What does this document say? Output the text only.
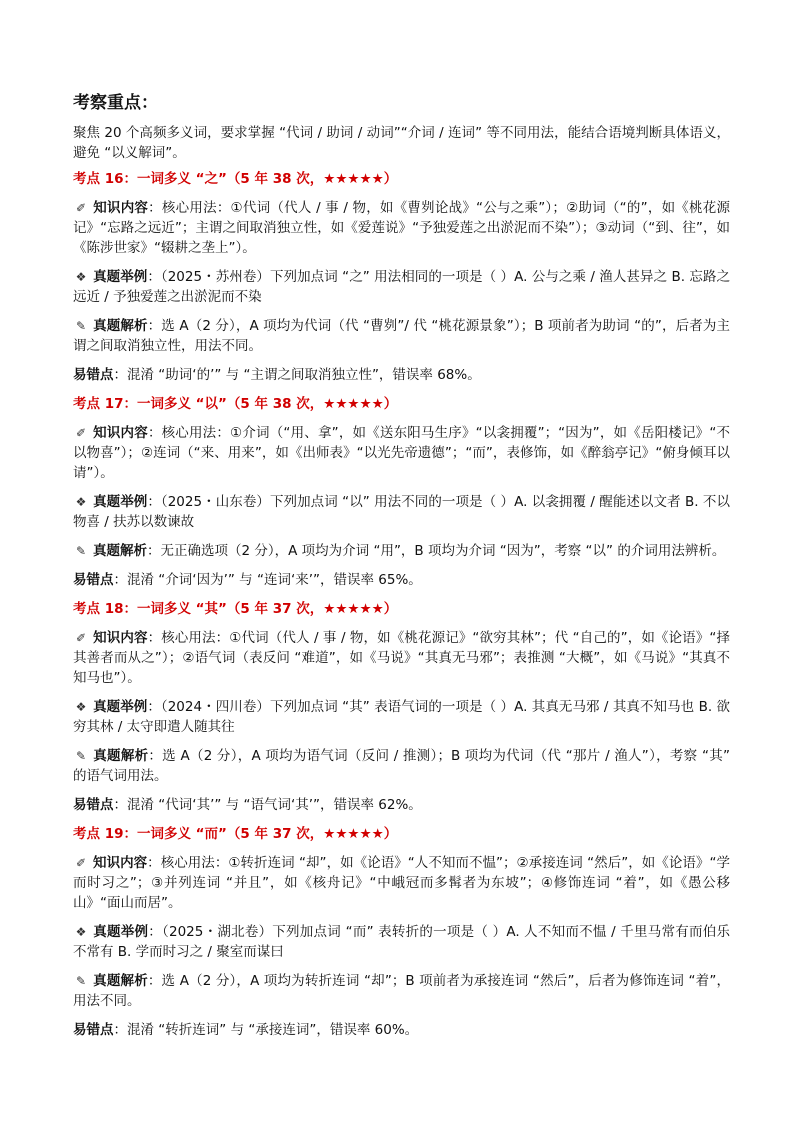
考察重点：

聚焦 20 个高频多义词，要求掌握 “代词 / 助词 / 动词”“介词 / 连词” 等不同用法，能结合语境判断具体语义，避免 “以义解词”。

考点 16：一词多义 “之”（5 年 38 次，★★★★★）

✐ 知识内容：核心用法：①代词（代人 / 事 / 物，如《曹刿论战》“公与之乘”）；②助词（“的”，如《桃花源记》“忘路之远近”；主谓之间取消独立性，如《爱莲说》“予独爱莲之出淤泥而不染”）；③动词（“到、往”，如《陈涉世家》“辍耕之垄上”）。

❖ 真题举例：（2025・苏州卷）下列加点词 “之” 用法相同的一项是（ ）A. 公与之乘 / 渔人甚异之 B. 忘路之远近 / 予独爱莲之出淤泥而不染

✎ 真题解析：选 A（2 分），A 项均为代词（代 “曹刿”/ 代 “桃花源景象”）；B 项前者为助词 “的”，后者为主谓之间取消独立性，用法不同。

易错点：混淆 “助词‘的’” 与 “主谓之间取消独立性”，错误率 68%。

考点 17：一词多义 “以”（5 年 38 次，★★★★★）

✐ 知识内容：核心用法：①介词（“用、拿”，如《送东阳马生序》“以衾拥覆”；“因为”，如《岳阳楼记》“不以物喜”）；②连词（“来、用来”，如《出师表》“以光先帝遗德”；“而”，表修饰，如《醉翁亭记》“俯身倾耳以请”）。

❖ 真题举例：（2025・山东卷）下列加点词 “以” 用法不同的一项是（ ）A. 以衾拥覆 / 醒能述以文者 B. 不以物喜 / 扶苏以数谏故

✎ 真题解析：无正确选项（2 分），A 项均为介词 “用”，B 项均为介词 “因为”，考察 “以” 的介词用法辨析。

易错点：混淆 “介词‘因为’” 与 “连词‘来’”，错误率 65%。

考点 18：一词多义 “其”（5 年 37 次，★★★★★）

✐ 知识内容：核心用法：①代词（代人 / 事 / 物，如《桃花源记》“欲穷其林”；代 “自己的”，如《论语》“择其善者而从之”）；②语气词（表反问 “难道”，如《马说》“其真无马邪”；表推测 “大概”，如《马说》“其真不知马也”）。

❖ 真题举例：（2024・四川卷）下列加点词 “其” 表语气词的一项是（ ）A. 其真无马邪 / 其真不知马也 B. 欲穷其林 / 太守即遣人随其往

✎ 真题解析：选 A（2 分），A 项均为语气词（反问 / 推测）；B 项均为代词（代 “那片 / 渔人”），考察 “其” 的语气词用法。

易错点：混淆 “代词‘其’” 与 “语气词‘其’”，错误率 62%。

考点 19：一词多义 “而”（5 年 37 次，★★★★★）

✐ 知识内容：核心用法：①转折连词 “却”，如《论语》“人不知而不愠”；②承接连词 “然后”，如《论语》“学而时习之”；③并列连词 “并且”，如《核舟记》“中峨冠而多髯者为东坡”；④修饰连词 “着”，如《愚公移山》“面山而居”。

❖ 真题举例：（2025・湖北卷）下列加点词 “而” 表转折的一项是（ ）A. 人不知而不愠 / 千里马常有而伯乐不常有 B. 学而时习之 / 聚室而谋曰

✎ 真题解析：选 A（2 分），A 项均为转折连词 “却”；B 项前者为承接连词 “然后”，后者为修饰连词 “着”，用法不同。

易错点：混淆 “转折连词” 与 “承接连词”，错误率 60%。
